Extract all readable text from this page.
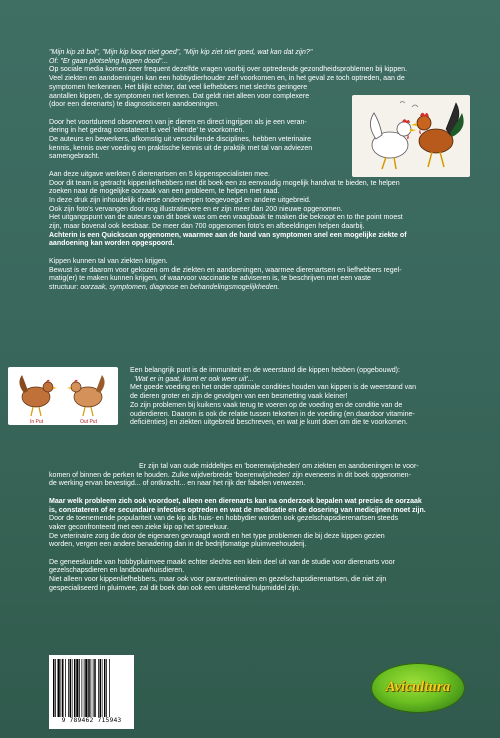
"Mijn kip zit bol", "Mijn kip loopt niet goed", "Mijn kip ziet niet goed, wat kan dat zijn?"
Of: "Er gaan plotseling kippen dood"...
Op sociale media komen zeer frequent dezelfde vragen voorbij over optredende gezondheidsproblemen bij kippen.
Veel ziekten en aandoeningen kan een hobbydierhouder zelf voorkomen en, in het geval ze toch optreden, aan de
symptomen herkennen. Het blijkt echter, dat veel liefhebbers met slechts geringere
aantallen kippen, de symptomen niet kennen. Dat geldt niet alleen voor complexere
(door een dierenarts) te diagnosticeren aandoeningen.
Door het voortdurend observeren van je dieren en direct ingrijpen als je een veran-
dering in het gedrag constateert is veel 'ellende' te voorkomen.
De auteurs en bewerkers, afkomstig uit verschillende disciplines, hebben veterinaire
kennis, kennis over voeding en praktische kennis uit de praktijk met tal van adviezen
samengebracht.
Aan deze uitgave werkten 6 dierenartsen en 5 kippenspecialisten mee.
Door dit team is getracht kippenliefhebbers met dit boek een zo eenvoudig mogelijk handvat te bieden, te helpen
zoeken naar de mogelijke oorzaak van een probleem, te helpen met raad.
In deze druk zijn inhoudelijk diverse onderwerpen toegevoegd en andere uitgebreid.
Ook zijn foto's vervangen door nog illustratievere en er zijn meer dan 200 nieuwe opgenomen.
Het uitgangspunt van de auteurs van dit boek was om een vraagbaak te maken die beknopt en to the point moest
zijn, maar bovenal ook leesbaar. De meer dan 700 opgenomen foto's en afbeeldingen helpen daarbij.
Achterin is een Quickscan opgenomen, waarmee aan de hand van symptomen snel een mogelijke ziekte of
aandoening kan worden opgespoord.
Kippen kunnen tal van ziekten krijgen.
Bewust is er daarom voor gekozen om die ziekten en aandoeningen, waarmee dierenartsen en liefhebbers regel-
matig(er) te maken kunnen krijgen, of waarvoor vaccinatie te adviseren is, te beschrijven met een vaste
structuur: oorzaak, symptomen, diagnose en behandelingsmogelijkheden.
In Put	Out Put
Een belangrijk punt is de immuniteit en de weerstand die kippen hebben (opgebouwd):
'Wat er in gaat, komt er ook weer uit'...
Met goede voeding en het onder optimale condities houden van kippen is de weerstand van
de dieren groter en zijn de gevolgen van een besmetting vaak kleiner!
Zo zijn problemen bij kuikens vaak terug te voeren op de voeding en de conditie van de
ouderdieren. Daarom is ook de relatie tussen tekorten in de voeding (en daardoor vitamine-
deficiënties) en ziekten uitgebreid beschreven, en wat je kunt doen om die te voorkomen.
Er zijn tal van oude middeltjes en 'boerenwijsheden' om ziekten en aandoeningen te voor-
komen of binnen de perken te houden. Zulke wijdverbreide 'boerenwijsheden' zijn eveneens in dit boek opgenomen-
de werking ervan bevestigd... of ontkracht... en naar het rijk der fabelen verwezen.
Maar welk probleem zich ook voordoet, alleen een dierenarts kan na onderzoek bepalen wat precies de oorzaak
is, constateren of er secundaire infecties optreden en wat de medicatie en de dosering van medicijnen moet zijn.
Door de toenemende populariteit van de kip als huis- en hobbydier worden ook gezelschapsdierenartsen steeds
vaker geconfronteerd met een zieke kip op het spreekuur.
De veterinaire zorg die door de eigenaren gevraagd wordt en het type problemen die bij deze kippen gezien
worden, vergen een andere benadering dan in de bedrijfsmatige pluimveehouderij.
De geneeskunde van hobbypluimvee maakt echter slechts een klein deel uit van de studie voor dierenarts voor
gezelschapsdieren en landbouwhuisdieren.
Niet alleen voor kippenliefhebbers, maar ook voor paraveterinairen en gezelschapsdierenartsen, die niet zijn
gespecialiseerd in pluimvee, zal dit boek dan ook een uitstekend hulpmiddel zijn.
9 789462 715943
Avicultura
